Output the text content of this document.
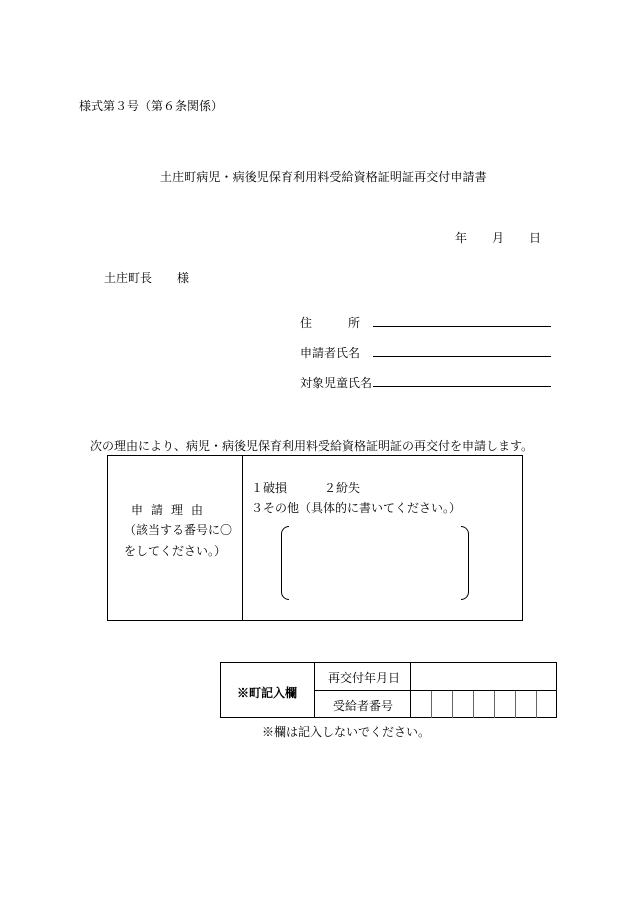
様式第３号（第６条関係）
土庄町病児・病後児保育利用料受給資格証明証再交付申請書
年 月 日
土庄町長 様
住　　　所
申請者氏名
対象児童氏名
次の理由により、病児・病後児保育利用料受給資格証明証の再交付を申請します。
申請理由
（該当する番号に〇
をしてください。）
１破損	２紛失
３その他（具体的に書いてください。）
※町記入欄
再交付年月日
受給者番号
※欄は記入しないでください。
